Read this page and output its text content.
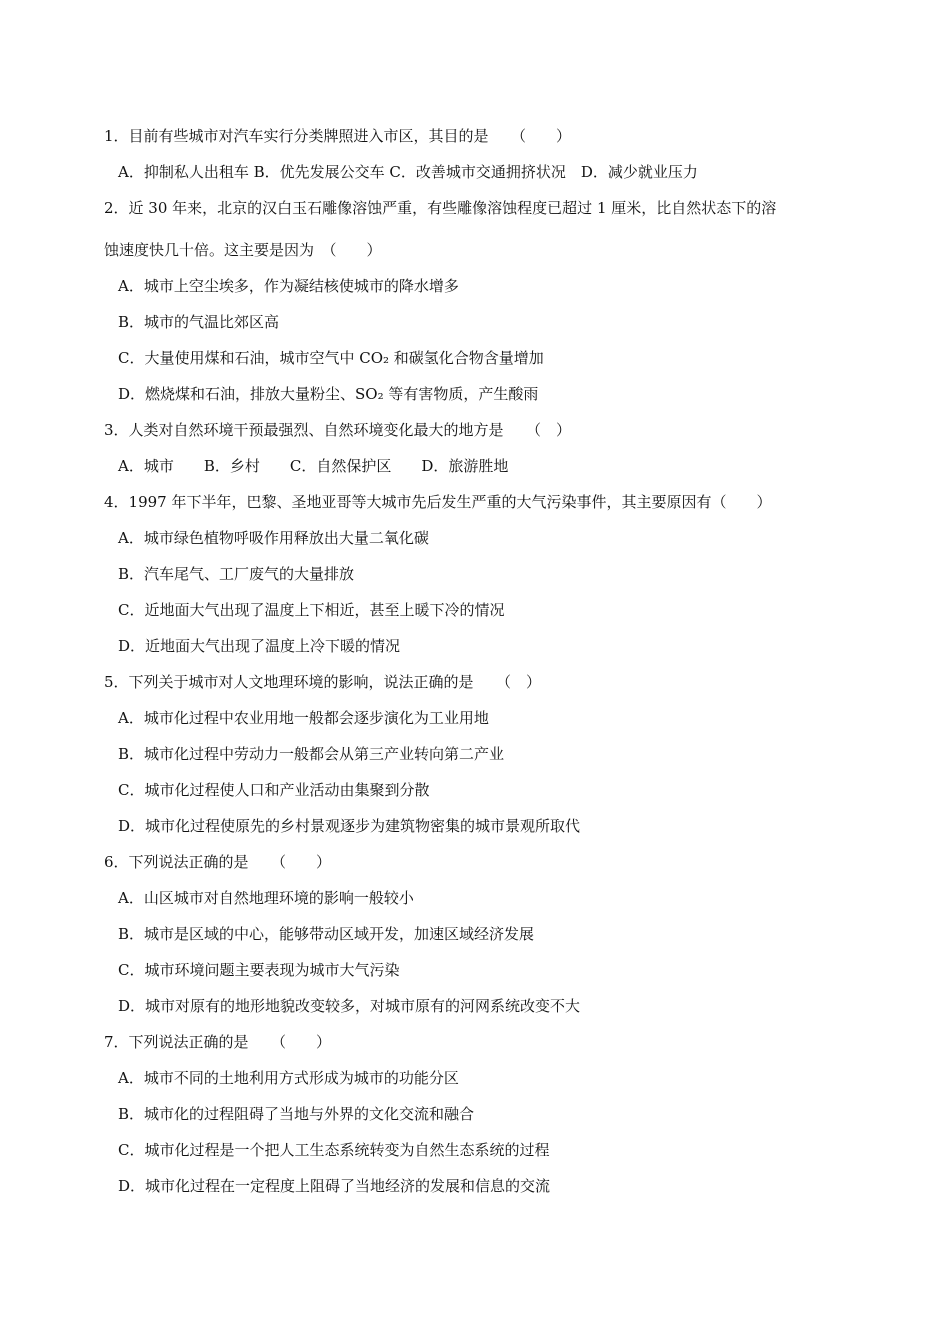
1．目前有些城市对汽车实行分类牌照进入市区，其目的是　　（　　）
A．抑制私人出租车 B．优先发展公交车 C．改善城市交通拥挤状况　D．减少就业压力
2．近 30 年来，北京的汉白玉石雕像溶蚀严重，有些雕像溶蚀程度已超过 1 厘米，比自然状态下的溶
蚀速度快几十倍。这主要是因为　（　　）
A．城市上空尘埃多，作为凝结核使城市的降水增多
B．城市的气温比郊区高
C．大量使用煤和石油，城市空气中 CO₂ 和碳氢化合物含量增加
D．燃烧煤和石油，排放大量粉尘、SO₂ 等有害物质，产生酸雨
3．人类对自然环境干预最强烈、自然环境变化最大的地方是　　（　）
A．城市　　B．乡村　　C．自然保护区　　D．旅游胜地
4．1997 年下半年，巴黎、圣地亚哥等大城市先后发生严重的大气污染事件，其主要原因有（　　）
A．城市绿色植物呼吸作用释放出大量二氧化碳
B．汽车尾气、工厂废气的大量排放
C．近地面大气出现了温度上下相近，甚至上暖下冷的情况
D．近地面大气出现了温度上冷下暖的情况
5．下列关于城市对人文地理环境的影响，说法正确的是　　（　）
A．城市化过程中农业用地一般都会逐步演化为工业用地
B．城市化过程中劳动力一般都会从第三产业转向第二产业
C．城市化过程使人口和产业活动由集聚到分散
D．城市化过程使原先的乡村景观逐步为建筑物密集的城市景观所取代
6．下列说法正确的是　　（　　）
A．山区城市对自然地理环境的影响一般较小
B．城市是区域的中心，能够带动区域开发，加速区域经济发展
C．城市环境问题主要表现为城市大气污染
D．城市对原有的地形地貌改变较多，对城市原有的河网系统改变不大
7．下列说法正确的是　　（　　）
A．城市不同的土地利用方式形成为城市的功能分区
B．城市化的过程阻碍了当地与外界的文化交流和融合
C．城市化过程是一个把人工生态系统转变为自然生态系统的过程
D．城市化过程在一定程度上阻碍了当地经济的发展和信息的交流
